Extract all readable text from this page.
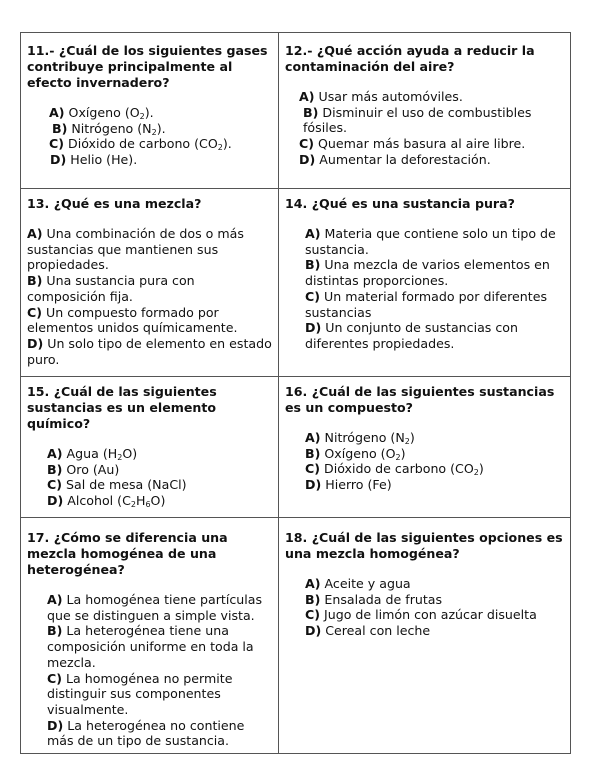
11.- ¿Cuál de los siguientes gases contribuye principalmente al efecto invernadero?

A) Oxígeno $(O_2)$.

B) Nitrógeno $(N_2)$.

C) Dióxido de carbono $(CO_2)$.

D) Helio (He).

12.- ¿Qué acción ayuda a reducir la contaminación del aire?

A) Usar más automóviles.

B) Disminuir el uso de combustibles fósiles.

C) Quemar más basura al aire libre.

D) Aumentar la deforestación.

13. ¿Qué es una mezcla?

A) Una combinación de dos o más sustancias que mantienen sus propiedades.

B) Una sustancia pura con composición fija.

C) Un compuesto formado por elementos unidos químicamente.

D) Un solo tipo de elemento en estado puro.

14. ¿Qué es una sustancia pura?

A) Materia que contiene solo un tipo de sustancia.

B) Una mezcla de varios elementos en distintas proporciones.

C) Un material formado por diferentes sustancias

D) Un conjunto de sustancias con diferentes propiedades.

15. ¿Cuál de las siguientes sustancias es un elemento químico?

A) Agua $(H_2O)$

B) Oro (Au)

C) Sal de mesa (NaCl)

D) Alcohol $(C_2H_6O)$

16. ¿Cuál de las siguientes sustancias es un compuesto?

A) Nitrógeno $(N_2)$

B) Oxígeno $(O_2)$

C) Dióxido de carbono $(CO_2)$

D) Hierro (Fe)

17. ¿Cómo se diferencia una mezcla homogénea de una heterogénea?

A) La homogénea tiene partículas que se distinguen a simple vista.

B) La heterogénea tiene una composición uniforme en toda la mezcla.

C) La homogénea no permite distinguir sus componentes visualmente.

D) La heterogénea no contiene más de un tipo de sustancia.

18. ¿Cuál de las siguientes opciones es una mezcla homogénea?

A) Aceite y agua

B) Ensalada de frutas

C) Jugo de limón con azúcar disuelta

D) Cereal con leche
